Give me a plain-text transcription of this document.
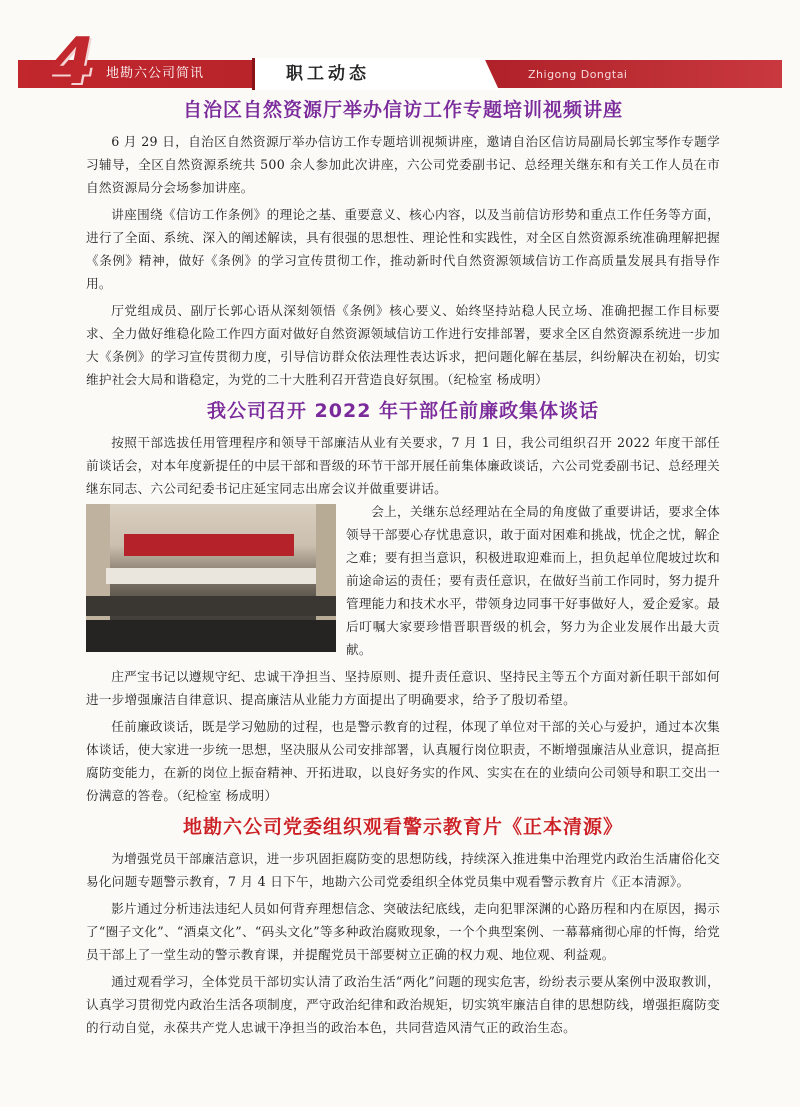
4 地勘六公司简讯	职工动态	Zhigong Dongtai
自治区自然资源厅举办信访工作专题培训视频讲座

6 月 29 日，自治区自然资源厅举办信访工作专题培训视频讲座，邀请自治区信访局副局长郭宝琴作专题学习辅导，全区自然资源系统共 500 余人参加此次讲座，六公司党委副书记、总经理关继东和有关工作人员在市自然资源局分会场参加讲座。

讲座围绕《信访工作条例》的理论之基、重要意义、核心内容，以及当前信访形势和重点工作任务等方面，进行了全面、系统、深入的阐述解读，具有很强的思想性、理论性和实践性，对全区自然资源系统准确理解把握《条例》精神，做好《条例》的学习宣传贯彻工作，推动新时代自然资源领域信访工作高质量发展具有指导作用。

厅党组成员、副厅长郭心语从深刻领悟《条例》核心要义、始终坚持站稳人民立场、准确把握工作目标要求、全力做好维稳化险工作四方面对做好自然资源领域信访工作进行安排部署，要求全区自然资源系统进一步加大《条例》的学习宣传贯彻力度，引导信访群众依法理性表达诉求，把问题化解在基层，纠纷解决在初始，切实维护社会大局和谐稳定，为党的二十大胜利召开营造良好氛围。（纪检室 杨成明）

我公司召开 2022 年干部任前廉政集体谈话

按照干部选拔任用管理程序和领导干部廉洁从业有关要求，7 月 1 日，我公司组织召开 2022 年度干部任前谈话会，对本年度新提任的中层干部和晋级的环节干部开展任前集体廉政谈话，六公司党委副书记、总经理关继东同志、六公司纪委书记庄延宝同志出席会议并做重要讲话。

会上，关继东总经理站在全局的角度做了重要讲话，要求全体领导干部要心存忧患意识，敢于面对困难和挑战，忧企之忧，解企之难；要有担当意识，积极进取迎难而上，担负起单位爬坡过坎和前途命运的责任；要有责任意识，在做好当前工作同时，努力提升管理能力和技术水平，带领身边同事干好事做好人，爱企爱家。最后叮嘱大家要珍惜晋职晋级的机会，努力为企业发展作出最大贡献。

庄严宝书记以遵规守纪、忠诚干净担当、坚持原则、提升责任意识、坚持民主等五个方面对新任职干部如何进一步增强廉洁自律意识、提高廉洁从业能力方面提出了明确要求，给予了殷切希望。

任前廉政谈话，既是学习勉励的过程，也是警示教育的过程，体现了单位对干部的关心与爱护，通过本次集体谈话，使大家进一步统一思想，坚决服从公司安排部署，认真履行岗位职责，不断增强廉洁从业意识，提高拒腐防变能力，在新的岗位上振奋精神、开拓进取，以良好务实的作风、实实在在的业绩向公司领导和职工交出一份满意的答卷。（纪检室 杨成明）

地勘六公司党委组织观看警示教育片《正本清源》

为增强党员干部廉洁意识，进一步巩固拒腐防变的思想防线，持续深入推进集中治理党内政治生活庸俗化交易化问题专题警示教育，7 月 4 日下午，地勘六公司党委组织全体党员集中观看警示教育片《正本清源》。

影片通过分析违法违纪人员如何背弃理想信念、突破法纪底线，走向犯罪深渊的心路历程和内在原因，揭示了“圈子文化”、“酒桌文化”、“码头文化”等多种政治腐败现象，一个个典型案例、一幕幕痛彻心扉的忏悔，给党员干部上了一堂生动的警示教育课，并提醒党员干部要树立正确的权力观、地位观、利益观。

通过观看学习，全体党员干部切实认清了政治生活“两化”问题的现实危害，纷纷表示要从案例中汲取教训，认真学习贯彻党内政治生活各项制度，严守政治纪律和政治规矩，切实筑牢廉洁自律的思想防线，增强拒腐防变的行动自觉，永葆共产党人忠诚干净担当的政治本色，共同营造风清气正的政治生态。
